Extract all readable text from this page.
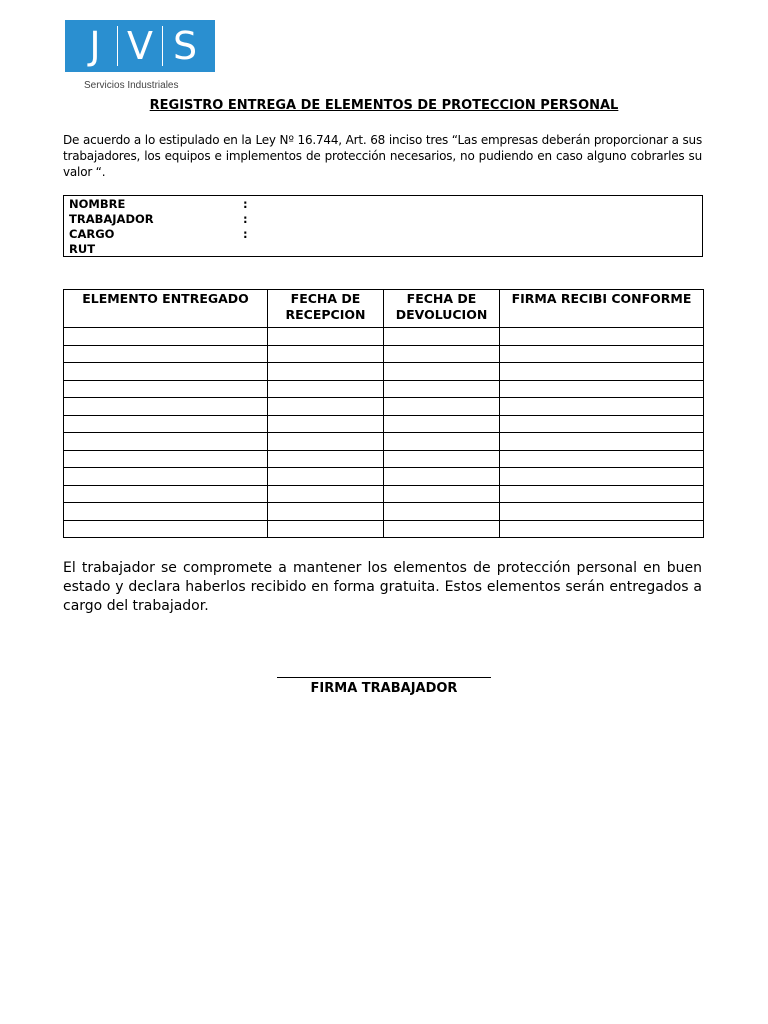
J V S
Servicios Industriales
REGISTRO ENTREGA DE ELEMENTOS DE PROTECCION PERSONAL
De acuerdo a lo estipulado en la Ley Nº 16.744, Art. 68 inciso tres “Las empresas deberán proporcionar a sus trabajadores, los equipos e implementos de protección necesarios, no pudiendo en caso alguno cobrarles su valor “.
NOMBRE	:
TRABAJADOR	:
CARGO	:
RUT
ELEMENTO ENTREGADO	FECHA DE RECEPCION	FECHA DE DEVOLUCION	FIRMA RECIBI CONFORME

El trabajador se compromete a mantener los elementos de protección personal en buen estado y declara haberlos recibido en forma gratuita. Estos elementos serán entregados a cargo del trabajador.
FIRMA TRABAJADOR
